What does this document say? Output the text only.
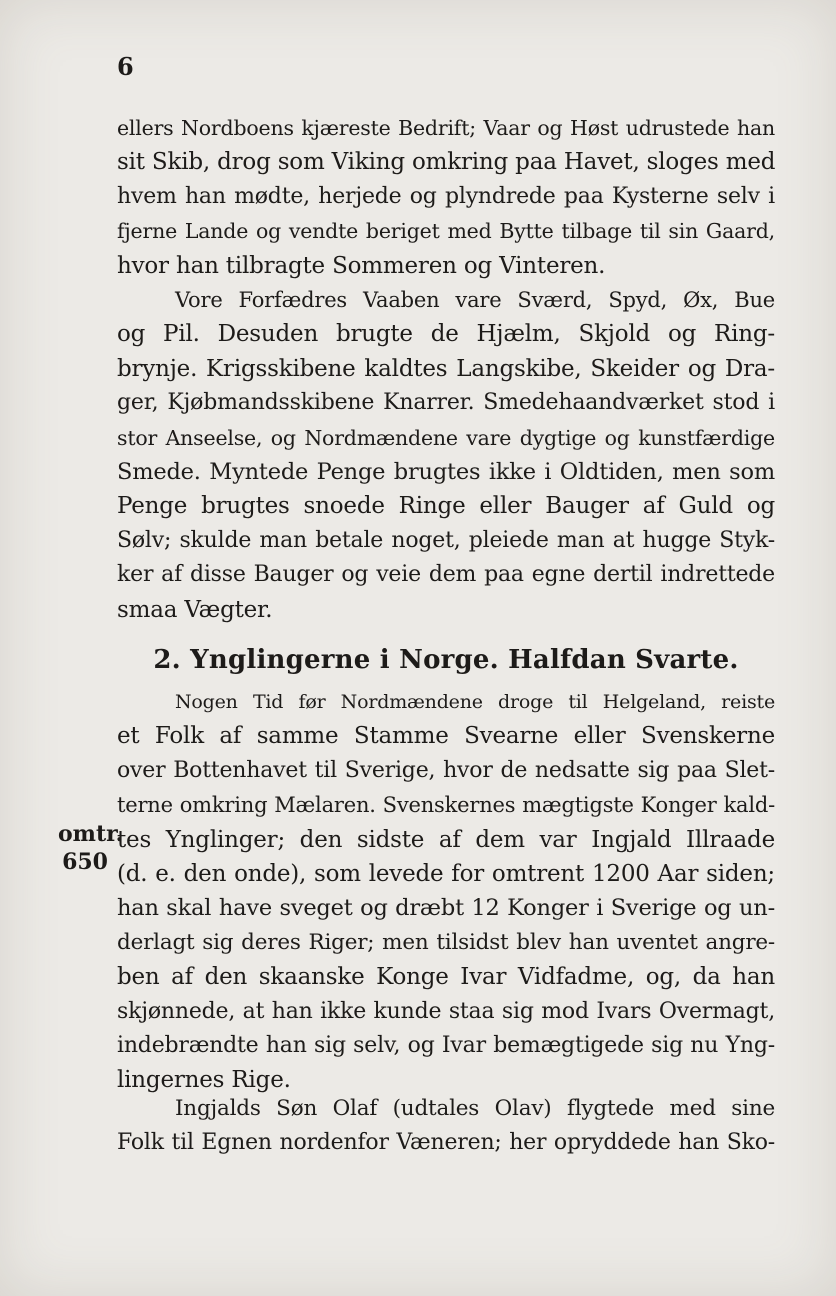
6
ellers Nordboens kjæreste Bedrift; Vaar og Høst udrustede han
sit Skib, drog som Viking omkring paa Havet, sloges med
hvem han mødte, herjede og plyndrede paa Kysterne selv i
fjerne Lande og vendte beriget med Bytte tilbage til sin Gaard,
hvor han tilbragte Sommeren og Vinteren.
Vore Forfædres Vaaben vare Sværd, Spyd, Øx, Bue
og Pil. Desuden brugte de Hjælm, Skjold og Ring-
brynje. Krigsskibene kaldtes Langskibe, Skeider og Dra-
ger, Kjøbmandsskibene Knarrer. Smedehaandværket stod i
stor Anseelse, og Nordmændene vare dygtige og kunstfærdige
Smede. Myntede Penge brugtes ikke i Oldtiden, men som
Penge brugtes snoede Ringe eller Bauger af Guld og
Sølv; skulde man betale noget, pleiede man at hugge Styk-
ker af disse Bauger og veie dem paa egne dertil indrettede
smaa Vægter.
2. Ynglingerne i Norge. Halfdan Svarte.
Nogen Tid før Nordmændene droge til Helgeland, reiste
et Folk af samme Stamme Svearne eller Svenskerne
over Bottenhavet til Sverige, hvor de nedsatte sig paa Slet-
terne omkring Mælaren. Svenskernes mægtigste Konger kald-
tes Ynglinger; den sidste af dem var Ingjald Illraade
(d. e. den onde), som levede for omtrent 1200 Aar siden;
han skal have sveget og dræbt 12 Konger i Sverige og un-
derlagt sig deres Riger; men tilsidst blev han uventet angre-
ben af den skaanske Konge Ivar Vidfadme, og, da han
skjønnede, at han ikke kunde staa sig mod Ivars Overmagt,
indebrændte han sig selv, og Ivar bemægtigede sig nu Yng-
lingernes Rige.
Ingjalds Søn Olaf (udtales Olav) flygtede med sine
Folk til Egnen nordenfor Væneren; her opryddede han Sko-
omtr.
650
